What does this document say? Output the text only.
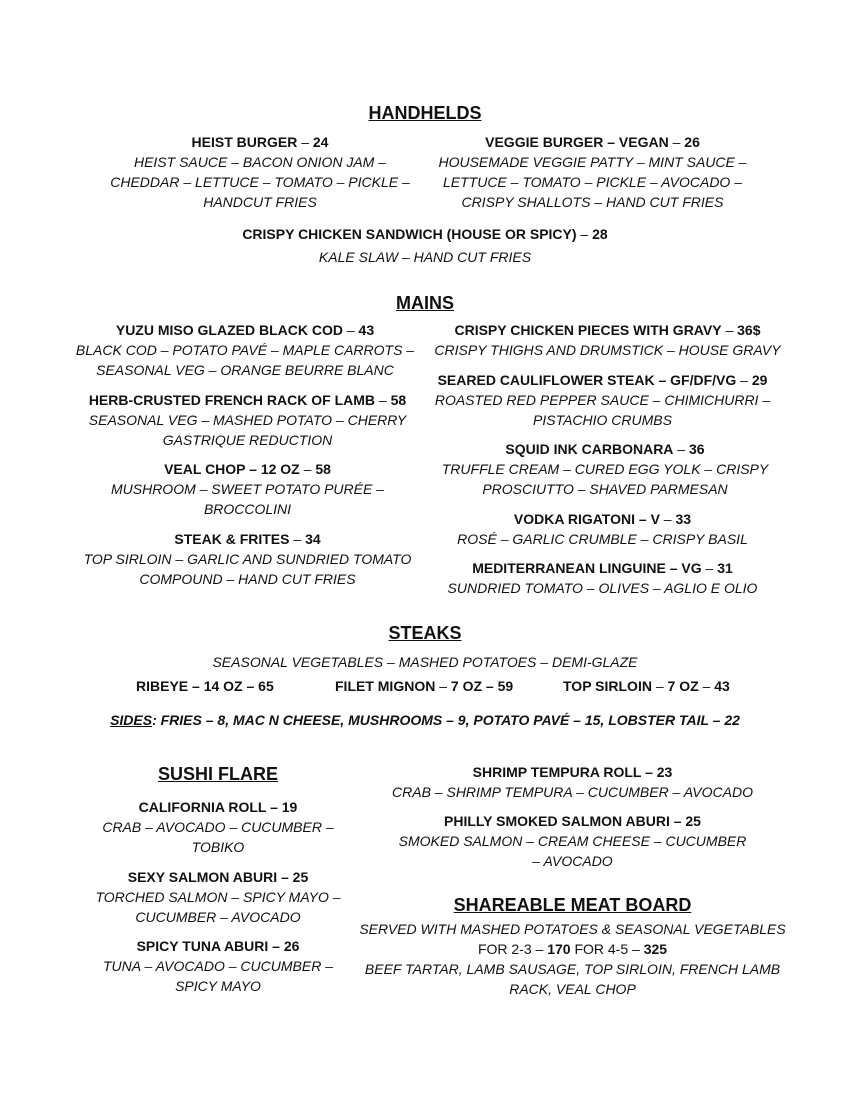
HANDHELDS
HEIST BURGER – 24
HEIST SAUCE – BACON ONION JAM – CHEDDAR – LETTUCE – TOMATO – PICKLE – HANDCUT FRIES
VEGGIE BURGER – VEGAN – 26
HOUSEMADE VEGGIE PATTY – MINT SAUCE – LETTUCE – TOMATO – PICKLE – AVOCADO – CRISPY SHALLOTS – HAND CUT FRIES
CRISPY CHICKEN SANDWICH (HOUSE OR SPICY) – 28
KALE SLAW – HAND CUT FRIES
MAINS
YUZU MISO GLAZED BLACK COD – 43
BLACK COD – POTATO PAVÉ – MAPLE CARROTS – SEASONAL VEG – ORANGE BEURRE BLANC
HERB-CRUSTED FRENCH RACK OF LAMB – 58
SEASONAL VEG – MASHED POTATO – CHERRY GASTRIQUE REDUCTION
VEAL CHOP – 12 OZ – 58
MUSHROOM – SWEET POTATO PURÉE – BROCCOLINI
STEAK & FRITES – 34
TOP SIRLOIN – GARLIC AND SUNDRIED TOMATO COMPOUND – HAND CUT FRIES
CRISPY CHICKEN PIECES WITH GRAVY – 36$
CRISPY THIGHS AND DRUMSTICK – HOUSE GRAVY
SEARED CAULIFLOWER STEAK – GF/DF/VG – 29
ROASTED RED PEPPER SAUCE – CHIMICHURRI – PISTACHIO CRUMBS
SQUID INK CARBONARA – 36
TRUFFLE CREAM – CURED EGG YOLK – CRISPY PROSCIUTTO – SHAVED PARMESAN
VODKA RIGATONI – V – 33
ROSÉ – GARLIC CRUMBLE – CRISPY BASIL
MEDITERRANEAN LINGUINE – VG – 31
SUNDRIED TOMATO – OLIVES – AGLIO E OLIO
STEAKS
SEASONAL VEGETABLES – MASHED POTATOES – DEMI-GLAZE
RIBEYE – 14 OZ – 65	FILET MIGNON – 7 OZ – 59	TOP SIRLOIN – 7 OZ – 43
SIDES: FRIES – 8, MAC N CHEESE, MUSHROOMS – 9, POTATO PAVÉ – 15, LOBSTER TAIL – 22
SUSHI FLARE
CALIFORNIA ROLL – 19
CRAB – AVOCADO – CUCUMBER – TOBIKO
SEXY SALMON ABURI – 25
TORCHED SALMON – SPICY MAYO – CUCUMBER – AVOCADO
SPICY TUNA ABURI – 26
TUNA – AVOCADO – CUCUMBER – SPICY MAYO
SHRIMP TEMPURA ROLL – 23
CRAB – SHRIMP TEMPURA – CUCUMBER – AVOCADO
PHILLY SMOKED SALMON ABURI – 25
SMOKED SALMON – CREAM CHEESE – CUCUMBER – AVOCADO
SHAREABLE MEAT BOARD
SERVED WITH MASHED POTATOES & SEASONAL VEGETABLES
FOR 2-3 – 170 FOR 4-5 – 325
BEEF TARTAR, LAMB SAUSAGE, TOP SIRLOIN, FRENCH LAMB RACK, VEAL CHOP
